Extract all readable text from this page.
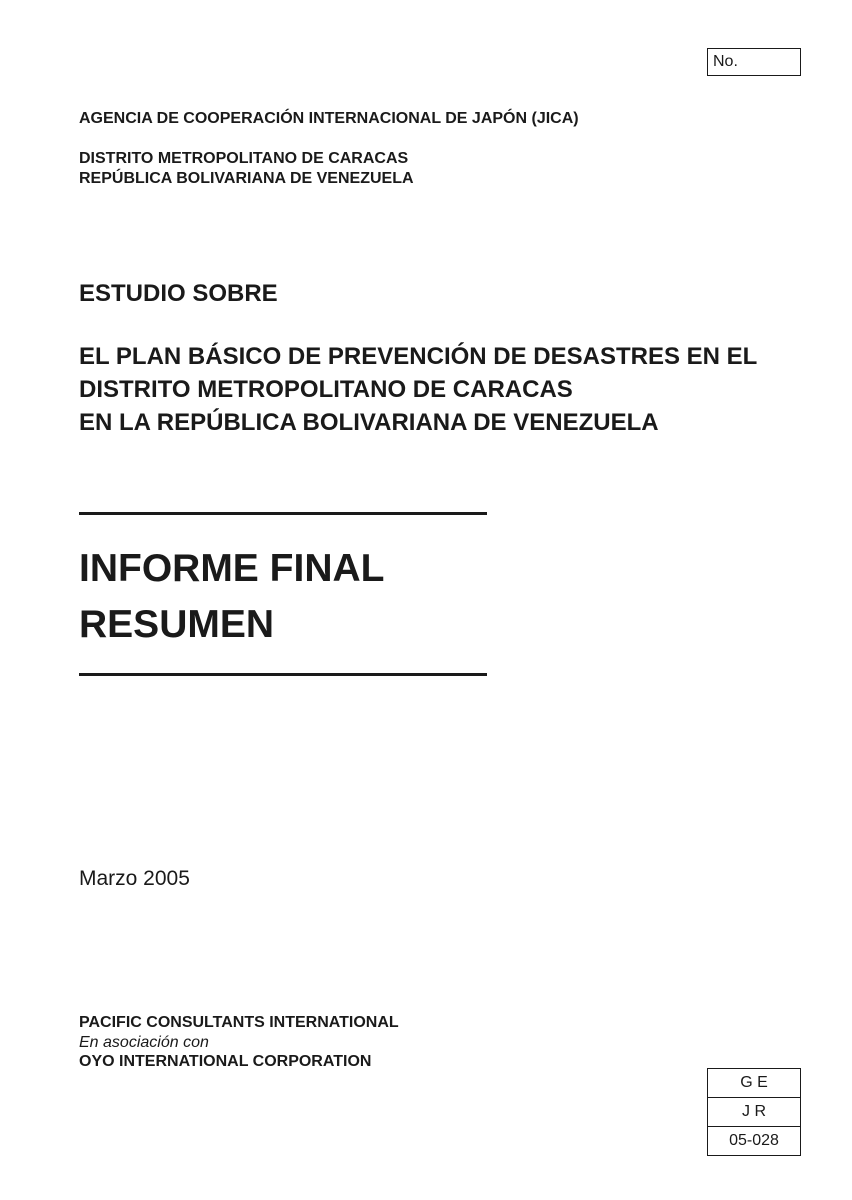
No.
AGENCIA DE COOPERACIÓN INTERNACIONAL DE JAPÓN (JICA)
DISTRITO METROPOLITANO DE CARACAS
REPÚBLICA BOLIVARIANA DE VENEZUELA
ESTUDIO SOBRE
EL PLAN BÁSICO DE PREVENCIÓN DE DESASTRES EN EL
DISTRITO METROPOLITANO DE CARACAS
EN LA REPÚBLICA BOLIVARIANA DE VENEZUELA
INFORME FINAL
RESUMEN
Marzo 2005
PACIFIC CONSULTANTS INTERNATIONAL
En asociación con
OYO INTERNATIONAL CORPORATION
G E
J R
05-028
